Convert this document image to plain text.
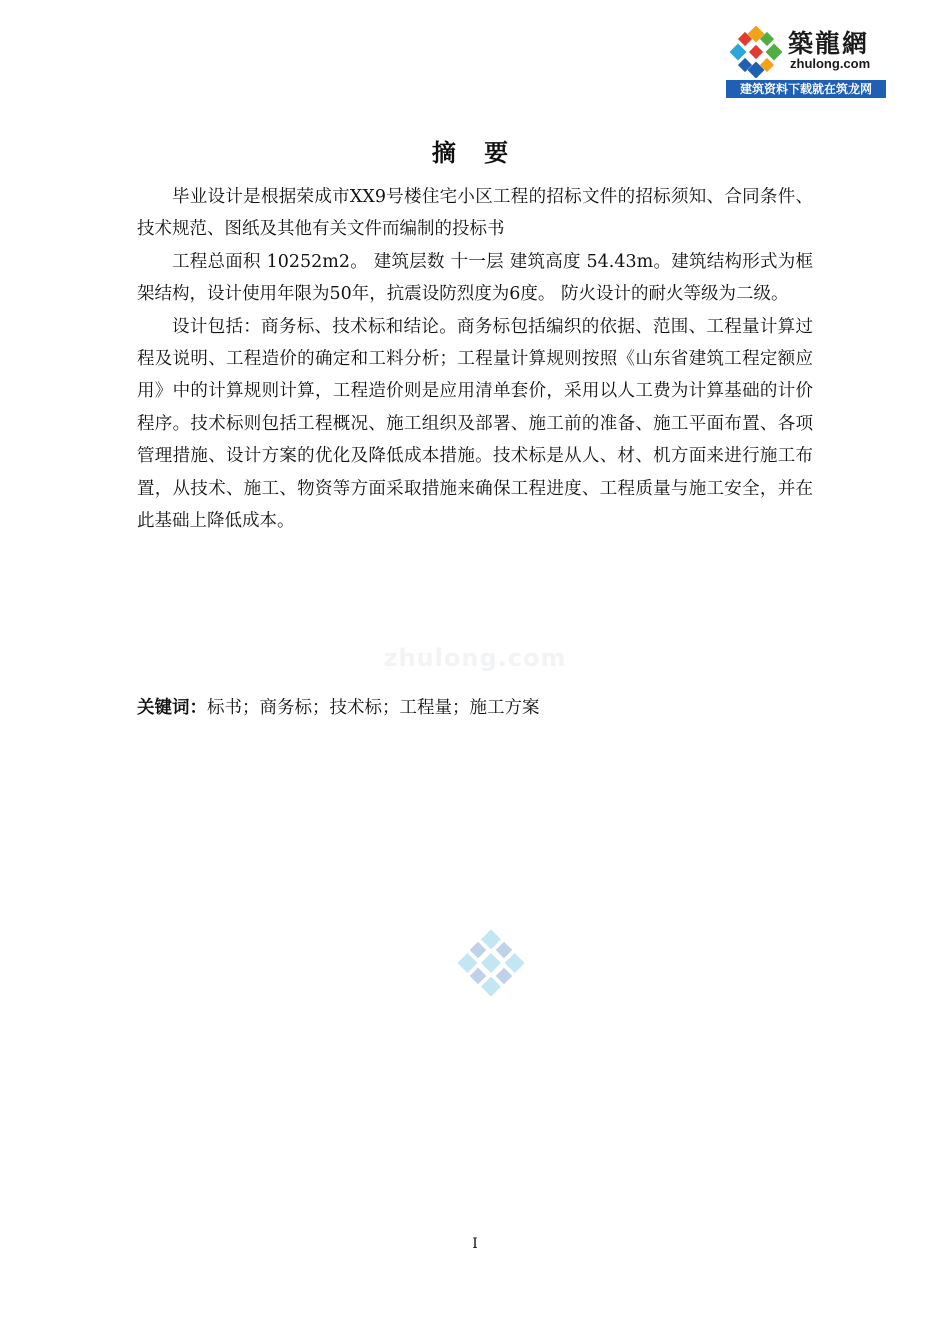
築龍網
zhulong.com
建筑资料下载就在筑龙网
摘 要

毕业设计是根据荣成市XX9号楼住宅小区工程的招标文件的招标须知、合同条件、技术规范、图纸及其他有关文件而编制的投标书

工程总面积 10252m2。 建筑层数 十一层 建筑高度 54.43m。建筑结构形式为框架结构，设计使用年限为50年，抗震设防烈度为6度。 防火设计的耐火等级为二级。

设计包括：商务标、技术标和结论。商务标包括编织的依据、范围、工程量计算过程及说明、工程造价的确定和工料分析；工程量计算规则按照《山东省建筑工程定额应用》中的计算规则计算，工程造价则是应用清单套价，采用以人工费为计算基础的计价程序。技术标则包括工程概况、施工组织及部署、施工前的准备、施工平面布置、各项管理措施、设计方案的优化及降低成本措施。技术标是从人、材、机方面来进行施工布置，从技术、施工、物资等方面采取措施来确保工程进度、工程质量与施工安全，并在此基础上降低成本。

zhulong.com
关键词：标书；商务标；技术标；工程量；施工方案
I
